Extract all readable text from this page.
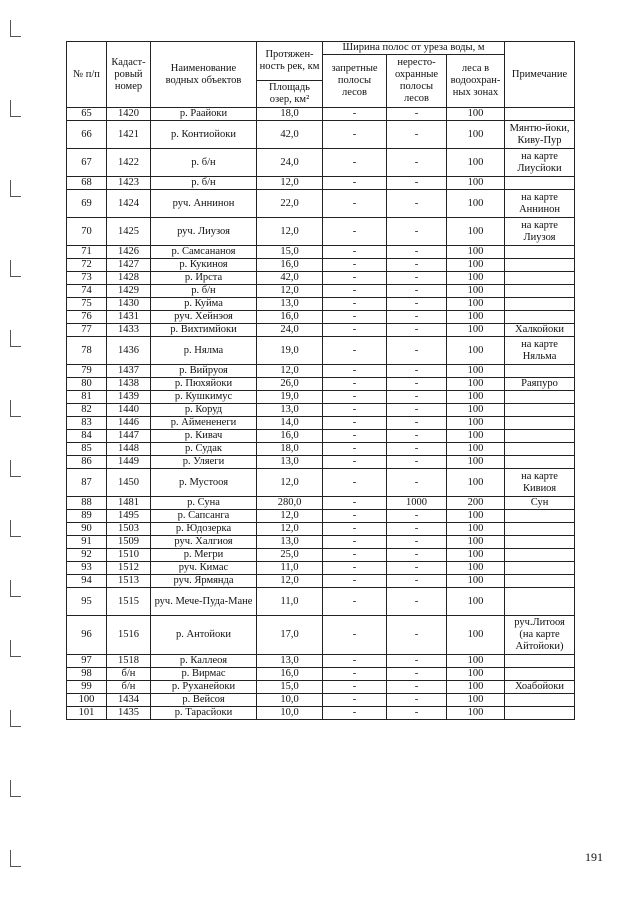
№ п/п	Кадаст-ровый номер	Наименование водных объектов	Протяжен-ность рек, км	Ширина полос от уреза воды, м			Примечание
				запретные полосы лесов	нересто-охранные полосы лесов	леса в водоохран-ных зонах	
			Площадь озер, км²				
65	1420	р. Раайоки	18,0	-	-	100	
66	1421	р. Контиойоки	42,0	-	-	100	Мянтю-йоки, Киву-Пур
67	1422	р. б/н	24,0	-	-	100	на карте Лиусйоки
68	1423	р. б/н	12,0	-	-	100	
69	1424	руч. Аннинон	22,0	-	-	100	на карте Аннинон
70	1425	руч. Лиузоя	12,0	-	-	100	на карте Лиузоя
71	1426	р. Самсананоя	15,0	-	-	100	
72	1427	р. Кукиноя	16,0	-	-	100	
73	1428	р. Ирста	42,0	-	-	100	
74	1429	р. б/н	12,0	-	-	100	
75	1430	р. Куйма	13,0	-	-	100	
76	1431	руч. Хейнэоя	16,0	-	-	100	
77	1433	р. Вихтимйоки	24,0	-	-	100	Халкойоки
78	1436	р. Нялма	19,0	-	-	100	на карте Няльма
79	1437	р. Вийруоя	12,0	-	-	100	
80	1438	р. Пюхяйоки	26,0	-	-	100	Раяпуро
81	1439	р. Кушкимус	19,0	-	-	100	
82	1440	р. Коруд	13,0	-	-	100	
83	1446	р. Аймененеги	14,0	-	-	100	
84	1447	р. Кивач	16,0	-	-	100	
85	1448	р. Судак	18,0	-	-	100	
86	1449	р. Уляеги	13,0	-	-	100	
87	1450	р. Мустооя	12,0	-	-	100	на карте Кивиоя
88	1481	р. Суна	280,0	-	1000	200	Сун
89	1495	р. Сапсанга	12,0	-	-	100	
90	1503	р. Юдозерка	12,0	-	-	100	
91	1509	руч. Халгиоя	13,0	-	-	100	
92	1510	р. Мегри	25,0	-	-	100	
93	1512	руч. Кимас	11,0	-	-	100	
94	1513	руч. Ярмянда	12,0	-	-	100	
95	1515	руч. Мече-Пуда-Мане	11,0	-	-	100	
96	1516	р. Антойоки	17,0	-	-	100	руч.Литооя (на карте Айтойоки)
97	1518	р. Каллеоя	13,0	-	-	100	
98	б/н	р. Вирмас	16,0	-	-	100	
99	б/н	р. Руханейоки	15,0	-	-	100	Хоабойоки
100	1434	р. Вейсоя	10,0	-	-	100	
101	1435	р. Тарасйоки	10,0	-	-	100	
191
